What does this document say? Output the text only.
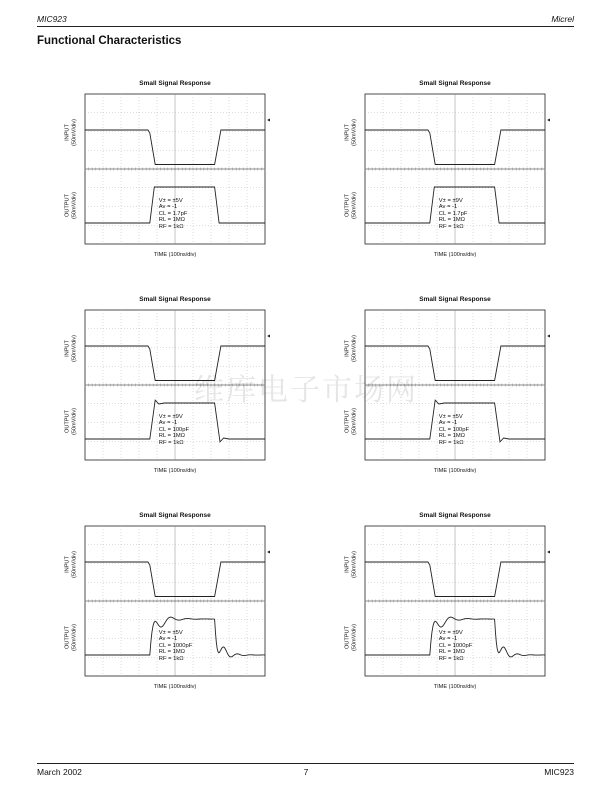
MIC923	Micrel
Functional Characteristics
维库电子市场网
Small Signal Response
INPUT (50mV/div)
OUTPUT (50mV/div)
TIME (100ns/div)
V± = ±5V
Av = -1
CL = 1.7pF
RL = 1MΩ
RF = 1kΩ
Small Signal Response
INPUT (50mV/div)
OUTPUT (50mV/div)
TIME (100ns/div)
V± = ±9V
Av = -1
CL = 1.7pF
RL = 1MΩ
RF = 1kΩ
Small Signal Response
INPUT (50mV/div)
OUTPUT (50mV/div)
TIME (100ns/div)
V± = ±9V
Av = -1
CL = 100pF
RL = 1MΩ
RF = 1kΩ
Small Signal Response
INPUT (50mV/div)
OUTPUT (50mV/div)
TIME (100ns/div)
V± = ±5V
Av = -1
CL = 100pF
RL = 1MΩ
RF = 1kΩ
Small Signal Response
INPUT (50mV/div)
OUTPUT (50mV/div)
TIME (100ns/div)
V± = ±5V
Av = -1
CL = 1000pF
RL = 1MΩ
RF = 1kΩ
Small Signal Response
INPUT (50mV/div)
OUTPUT (50mV/div)
TIME (100ns/div)
V± = ±9V
Av = -1
CL = 1000pF
RL = 1MΩ
RF = 1kΩ
March 2002	7	MIC923
